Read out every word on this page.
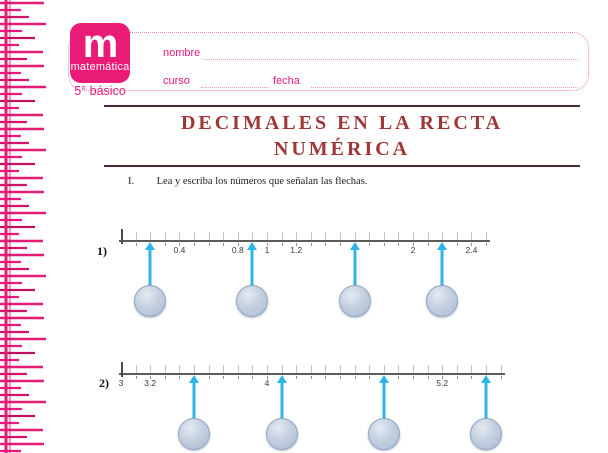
m
matemática
5° básico
nombre
curso	fecha
DECIMALES EN LA RECTA
NUMÉRICA
I. Lea y escriba los números que señalan las flechas.
1)	0.4	0.8 1 1.2	2	2.4
2) 3 3.2	4	5.2
